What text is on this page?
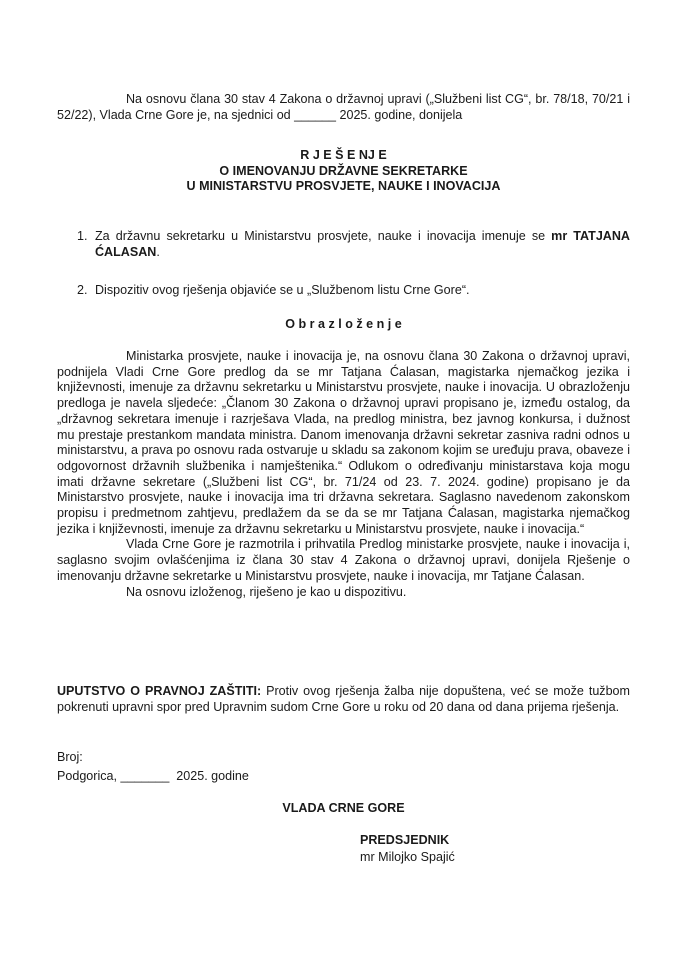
Na osnovu člana 30 stav 4 Zakona o državnoj upravi („Službeni list CG“, br. 78/18, 70/21 i 52/22), Vlada Crne Gore je, na sjednici od ______ 2025. godine, donijela

R J E Š E NJ E
O IMENOVANJU DRŽAVNE SEKRETARKE
U MINISTARSTVU PROSVJETE, NAUKE I INOVACIJA
1. Za državnu sekretarku u Ministarstvu prosvjete, nauke i inovacija imenuje se mr TATJANA ĆALASAN.
2. Dispozitiv ovog rješenja objaviće se u „Službenom listu Crne Gore“.
O b r a z l o ž e n j e

Ministarka prosvjete, nauke i inovacija je, na osnovu člana 30 Zakona o državnoj upravi, podnijela Vladi Crne Gore predlog da se mr Tatjana Ćalasan, magistarka njemačkog jezika i književnosti, imenuje za državnu sekretarku u Ministarstvu prosvjete, nauke i inovacija. U obrazloženju predloga je navela sljedeće: „Članom 30 Zakona o državnoj upravi propisano je, između ostalog, da „državnog sekretara imenuje i razrješava Vlada, na predlog ministra, bez javnog konkursa, i dužnost mu prestaje prestankom mandata ministra. Danom imenovanja državni sekretar zasniva radni odnos u ministarstvu, a prava po osnovu rada ostvaruje u skladu sa zakonom kojim se uređuju prava, obaveze i odgovornost državnih službenika i namještenika.“ Odlukom o određivanju ministarstava koja mogu imati državne sekretare („Službeni list CG“, br. 71/24 od 23. 7. 2024. godine) propisano je da Ministarstvo prosvjete, nauke i inovacija ima tri državna sekretara. Saglasno navedenom zakonskom propisu i predmetnom zahtjevu, predlažem da se da se mr Tatjana Ćalasan, magistarka njemačkog jezika i književnosti, imenuje za državnu sekretarku u Ministarstvu prosvjete, nauke i inovacija.“

Vlada Crne Gore je razmotrila i prihvatila Predlog ministarke prosvjete, nauke i inovacija i, saglasno svojim ovlašćenjima iz člana 30 stav 4 Zakona o državnoj upravi, donijela Rješenje o imenovanju državne sekretarke u Ministarstvu prosvjete, nauke i inovacija, mr Tatjane Ćalasan.

Na osnovu izloženog, riješeno je kao u dispozitivu.

UPUTSTVO O PRAVNOJ ZAŠTITI: Protiv ovog rješenja žalba nije dopuštena, već se može tužbom pokrenuti upravni spor pred Upravnim sudom Crne Gore u roku od 20 dana od dana prijema rješenja.

Broj:
Podgorica, _______  2025. godine
VLADA CRNE GORE
PREDSJEDNIK
mr Milojko Spajić
